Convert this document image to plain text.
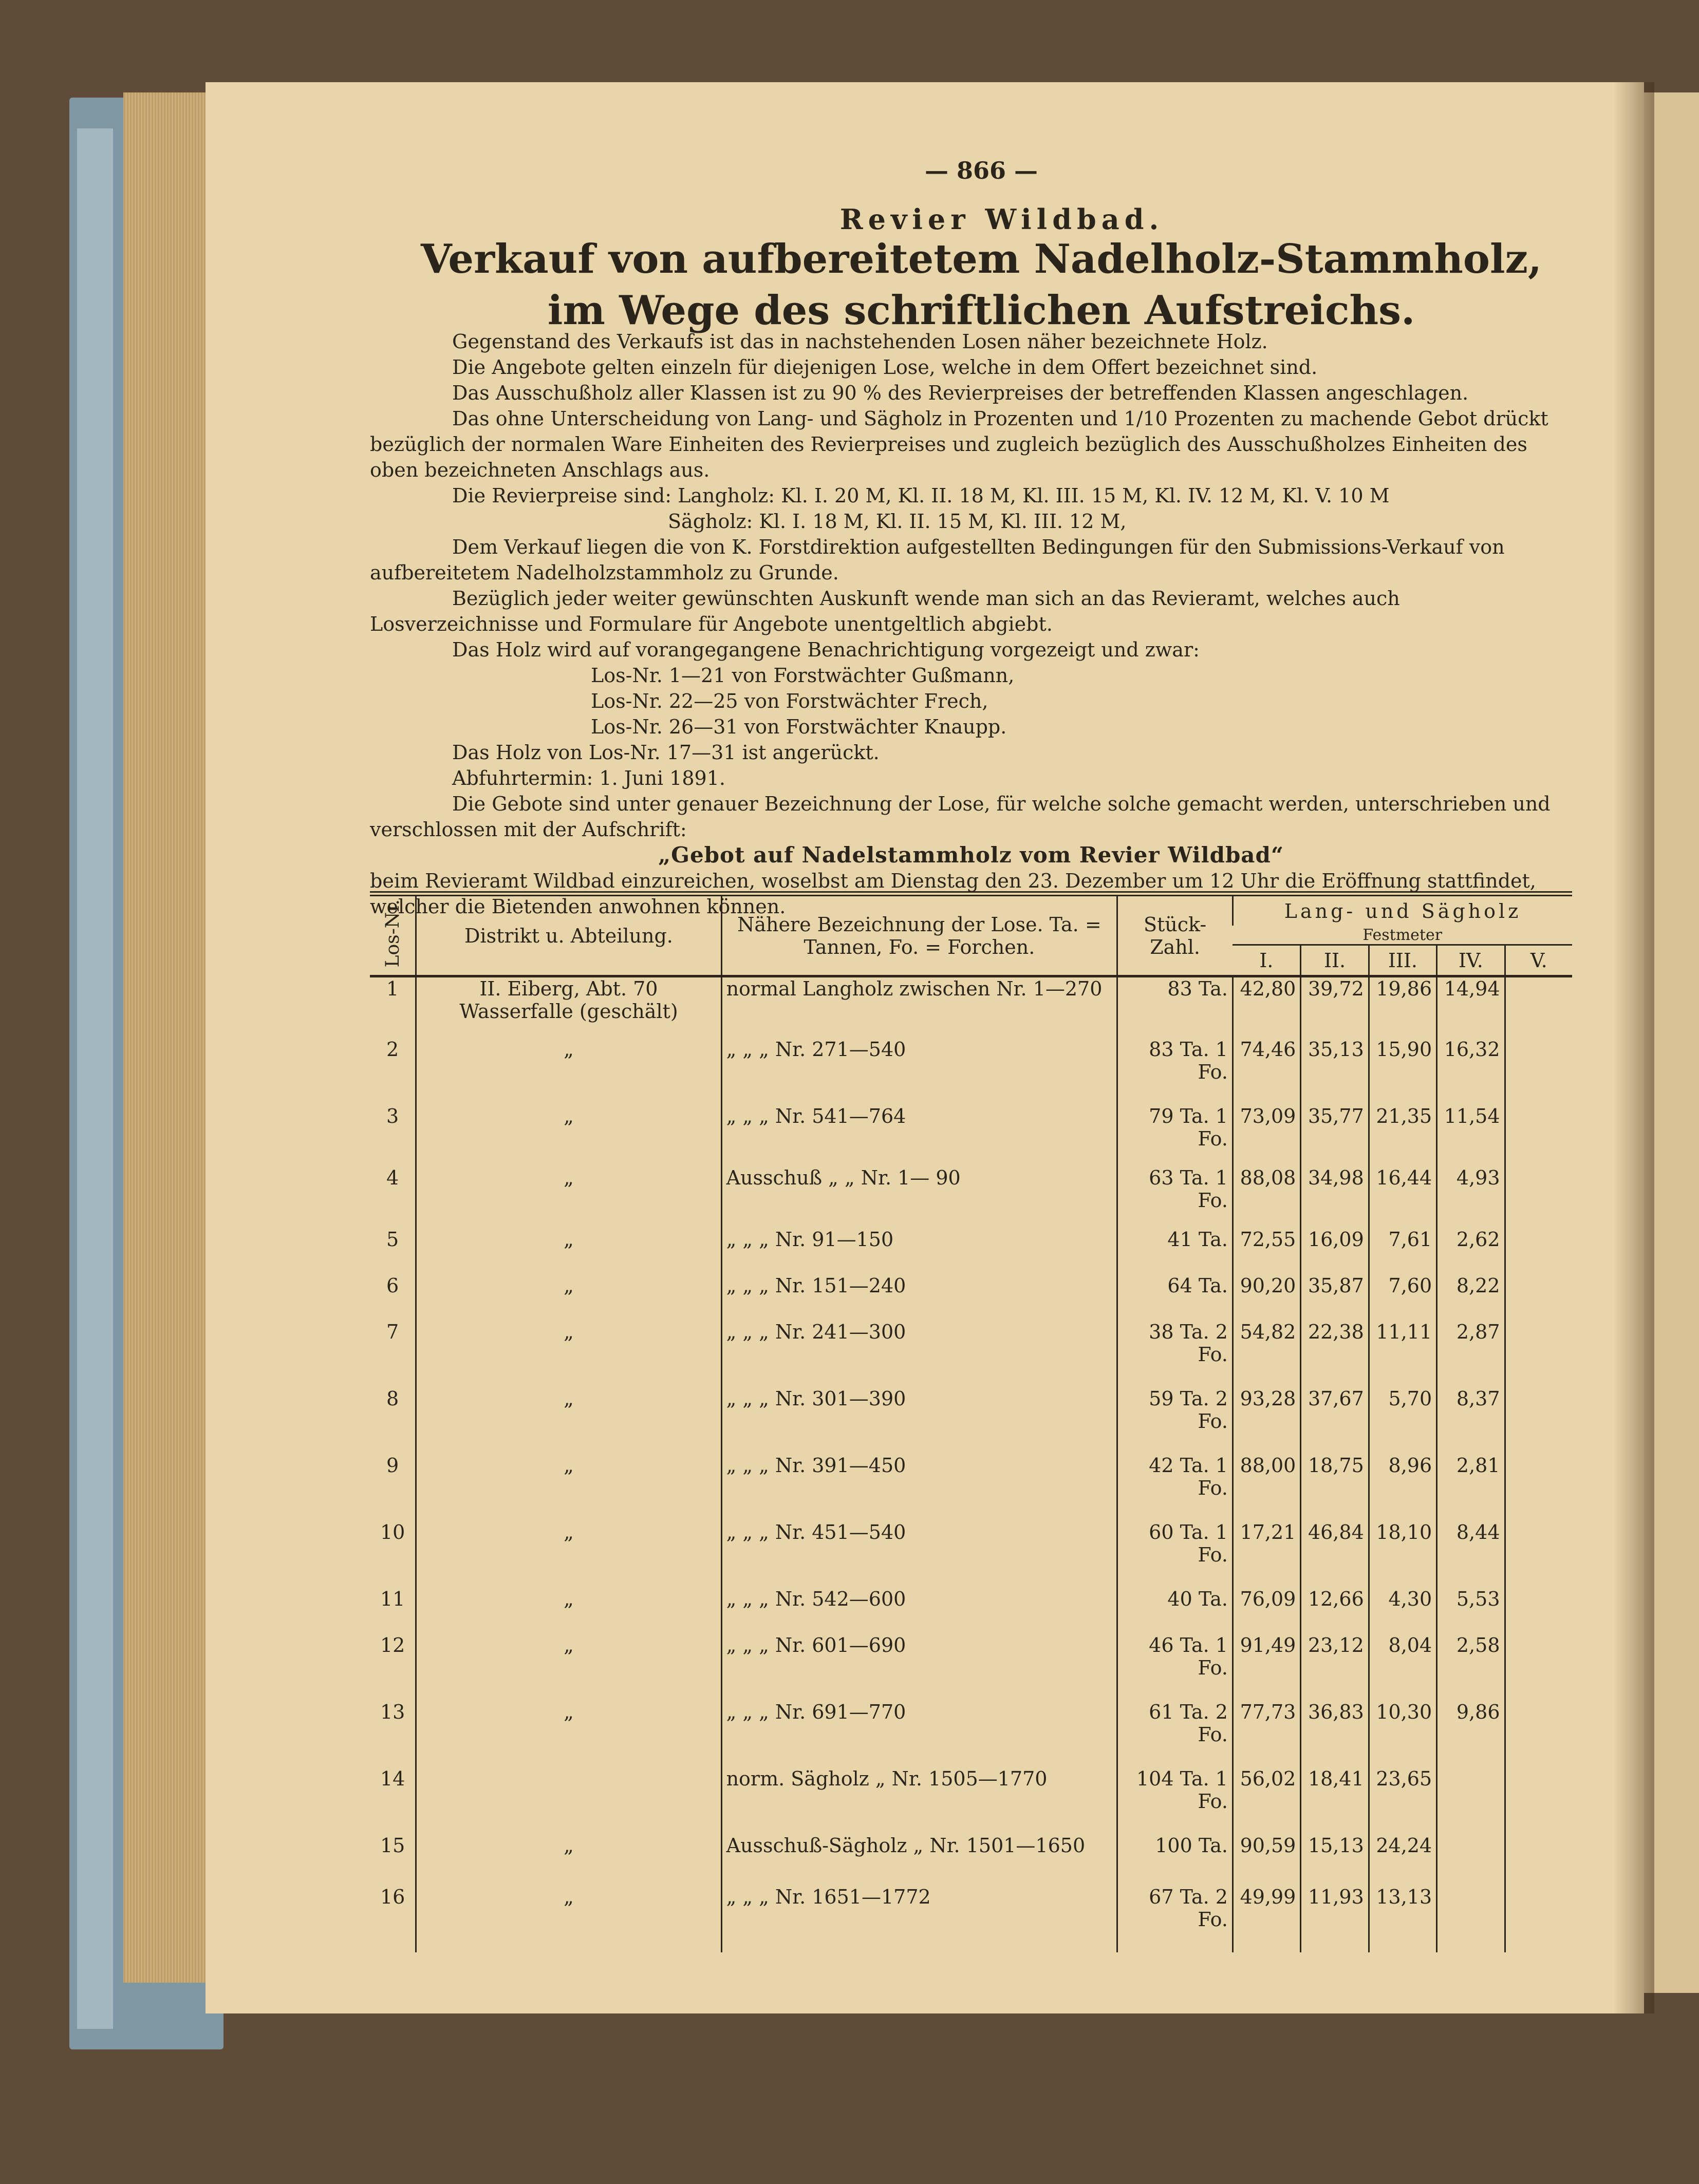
— 866 —
Revier Wildbad.
Verkauf von aufbereitetem Nadelholz-Stammholz, im Wege des schriftlichen Aufstreichs.

Gegenstand des Verkaufs ist das in nachstehenden Losen näher bezeichnete Holz.

Die Angebote gelten einzeln für diejenigen Lose, welche in dem Offert bezeichnet sind.

Das Ausschußholz aller Klassen ist zu 90 % des Revierpreises der betreffenden Klassen angeschlagen.

Das ohne Unterscheidung von Lang- und Sägholz in Prozenten und 1/10 Prozenten zu machende Gebot drückt bezüglich der normalen Ware Einheiten des Revierpreises und zugleich bezüglich des Ausschußholzes Einheiten des oben bezeichneten Anschlags aus.

Die Revierpreise sind: Langholz: Kl. I. 20 M, Kl. II. 18 M, Kl. III. 15 M, Kl. IV. 12 M, Kl. V. 10 M

Sägholz: Kl. I. 18 M, Kl. II. 15 M, Kl. III. 12 M,

Dem Verkauf liegen die von K. Forstdirektion aufgestellten Bedingungen für den Submissions-Verkauf von aufbereitetem Nadelholzstammholz zu Grunde.

Bezüglich jeder weiter gewünschten Auskunft wende man sich an das Revieramt, welches auch Losverzeichnisse und Formulare für Angebote unentgeltlich abgiebt.

Das Holz wird auf vorangegangene Benachrichtigung vorgezeigt und zwar:

Los-Nr. 1—21 von Forstwächter Gußmann,

Los-Nr. 22—25 von Forstwächter Frech,

Los-Nr. 26—31 von Forstwächter Knaupp.

Das Holz von Los-Nr. 17—31 ist angerückt.

Abfuhrtermin: 1. Juni 1891.

Die Gebote sind unter genauer Bezeichnung der Lose, für welche solche gemacht werden, unterschrieben und verschlossen mit der Aufschrift:

„Gebot auf Nadelstammholz vom Revier Wildbad“

beim Revieramt Wildbad einzureichen, woselbst am Dienstag den 23. Dezember um 12 Uhr die Eröffnung stattfindet, welcher die Bietenden anwohnen können.

Los-Nr.	Distrikt u. Abteilung.	Nähere Bezeichnung der Lose. Ta. = Tannen, Fo. = Forchen.	Stück-Zahl.	Lang- und Sägholz				
				Festmeter				
				I.	II.	III.	IV.	V.
1	II. Eiberg, Abt. 70 Wasserfalle (geschält)	normal Langholz zwischen Nr. 1—270	83 Ta.	42,80	39,72	19,86	14,94	
2	„	„ „ „ Nr. 271—540	83 Ta. 1 Fo.	74,46	35,13	15,90	16,32	
3	„	„ „ „ Nr. 541—764	79 Ta. 1 Fo.	73,09	35,77	21,35	11,54	
4	„	Ausschuß „ „ Nr. 1— 90	63 Ta. 1 Fo.	88,08	34,98	16,44	4,93	
5	„	„ „ „ Nr. 91—150	41 Ta.	72,55	16,09	7,61	2,62	
6	„	„ „ „ Nr. 151—240	64 Ta.	90,20	35,87	7,60	8,22	
7	„	„ „ „ Nr. 241—300	38 Ta. 2 Fo.	54,82	22,38	11,11	2,87	
8	„	„ „ „ Nr. 301—390	59 Ta. 2 Fo.	93,28	37,67	5,70	8,37	
9	„	„ „ „ Nr. 391—450	42 Ta. 1 Fo.	88,00	18,75	8,96	2,81	
10	„	„ „ „ Nr. 451—540	60 Ta. 1 Fo.	17,21	46,84	18,10	8,44	
11	„	„ „ „ Nr. 542—600	40 Ta.	76,09	12,66	4,30	5,53	
12	„	„ „ „ Nr. 601—690	46 Ta. 1 Fo.	91,49	23,12	8,04	2,58	
13	„	„ „ „ Nr. 691—770	61 Ta. 2 Fo.	77,73	36,83	10,30	9,86	
14		norm. Sägholz „ Nr. 1505—1770	104 Ta. 1 Fo.	56,02	18,41	23,65		
15	„	Ausschuß-Sägholz „ Nr. 1501—1650	100 Ta.	90,59	15,13	24,24		
16	„	„ „ „ Nr. 1651—1772	67 Ta. 2 Fo.	49,99	11,93	13,13		
